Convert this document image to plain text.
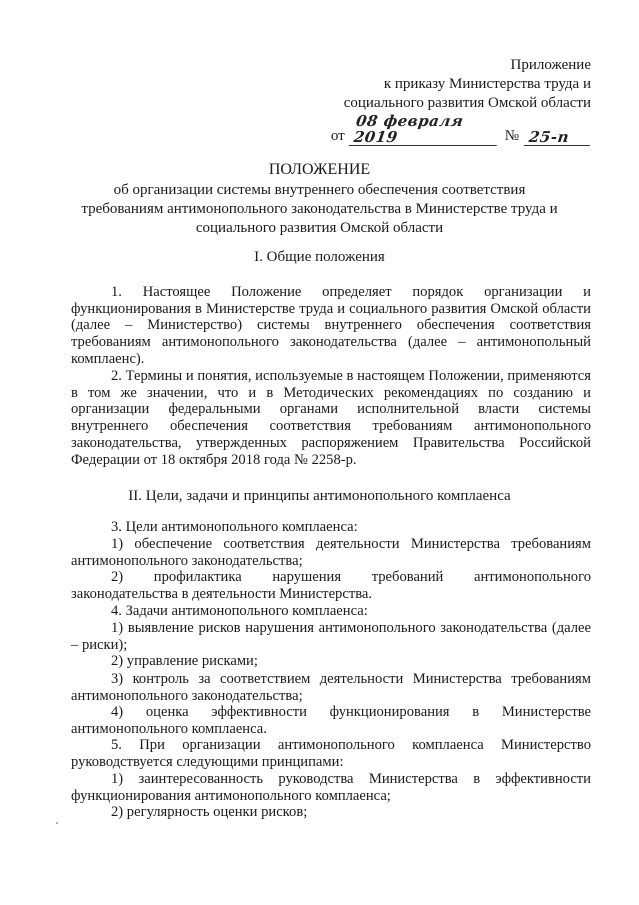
Приложение
к приказу Министерства труда и
социального развития Омской области
от
08 февраля 2019	№ 25-п
ПОЛОЖЕНИЕ
об организации системы внутреннего обеспечения соответствия требованиям антимонопольного законодательства в Министерстве труда и социального развития Омской области
I. Общие положения
1. Настоящее Положение определяет порядок организации и функционирования в Министерстве труда и социального развития Омской области (далее – Министерство) системы внутреннего обеспечения соответствия требованиям антимонопольного законодательства (далее – антимонопольный комплаенс).
2. Термины и понятия, используемые в настоящем Положении, применяются в том же значении, что и в Методических рекомендациях по созданию и организации федеральными органами исполнительной власти системы внутреннего обеспечения соответствия требованиям антимонопольного законодательства, утвержденных распоряжением Правительства Российской Федерации от 18 октября 2018 года № 2258-р.
II. Цели, задачи и принципы антимонопольного комплаенса
3. Цели антимонопольного комплаенса:
1) обеспечение соответствия деятельности Министерства требованиям антимонопольного законодательства;
2) профилактика нарушения требований антимонопольного законодательства в деятельности Министерства.
4. Задачи антимонопольного комплаенса:
1) выявление рисков нарушения антимонопольного законодательства (далее – риски);
2) управление рисками;
3) контроль за соответствием деятельности Министерства требованиям антимонопольного законодательства;
4) оценка эффективности функционирования в Министерстве антимонопольного комплаенса.
5. При организации антимонопольного комплаенса Министерство руководствуется следующими принципами:
1) заинтересованность руководства Министерства в эффективности функционирования антимонопольного комплаенса;
2) регулярность оценки рисков;
